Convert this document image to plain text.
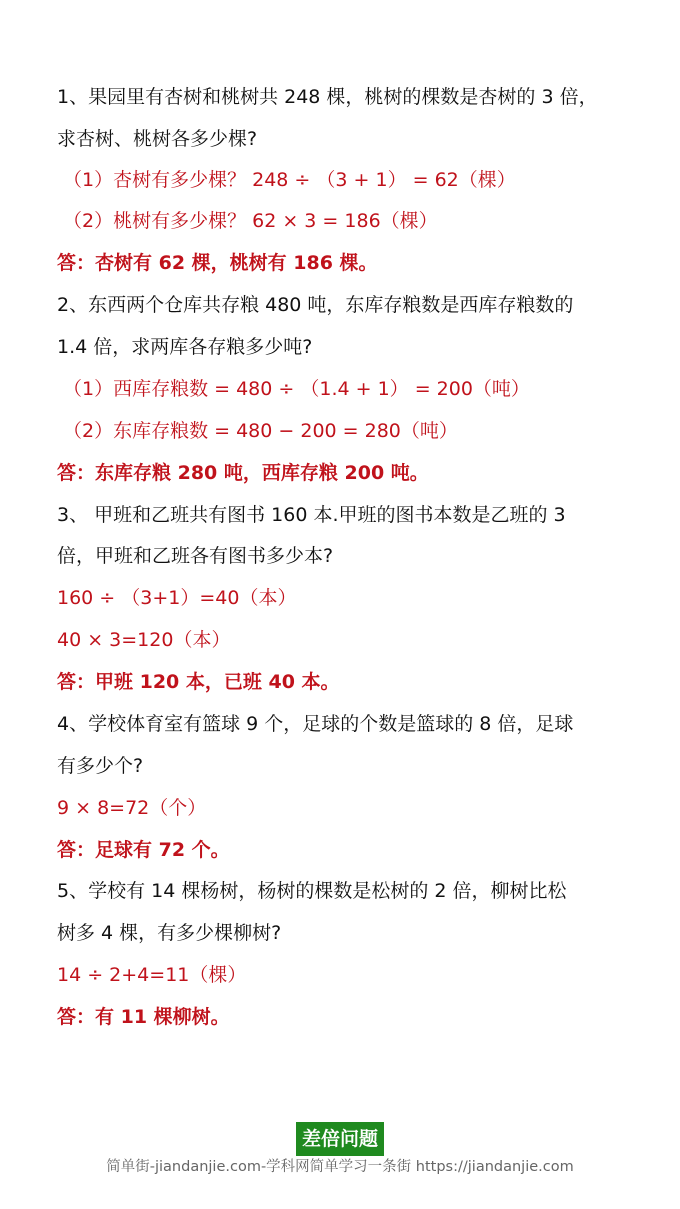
1、果园里有杏树和桃树共 248 棵，桃树的棵数是杏树的 3 倍，
求杏树、桃树各多少棵?
（1）杏树有多少棵？ 248 ÷ （3 + 1） = 62（棵）
（2）桃树有多少棵？ 62 × 3 = 186（棵）
答：杏树有 62 棵，桃树有 186 棵。
2、东西两个仓库共存粮 480 吨，东库存粮数是西库存粮数的
1.4 倍，求两库各存粮多少吨?
（1）西库存粮数 = 480 ÷ （1.4 + 1） = 200（吨）
（2）东库存粮数 = 480 − 200 = 280（吨）
答：东库存粮 280 吨，西库存粮 200 吨。
3、 甲班和乙班共有图书 160 本.甲班的图书本数是乙班的 3
倍，甲班和乙班各有图书多少本?
160 ÷ （3+1）=40（本）
40 × 3=120（本）
答：甲班 120 本，已班 40 本。
4、学校体育室有篮球 9 个，足球的个数是篮球的 8 倍，足球
有多少个?
9 × 8=72（个）
答：足球有 72 个。
5、学校有 14 棵杨树，杨树的棵数是松树的 2 倍，柳树比松
树多 4 棵，有多少棵柳树?
14 ÷ 2+4=11（棵）
答：有 11 棵柳树。
差倍问题
简单街-jiandanjie.com-学科网简单学习一条街 https://jiandanjie.com
